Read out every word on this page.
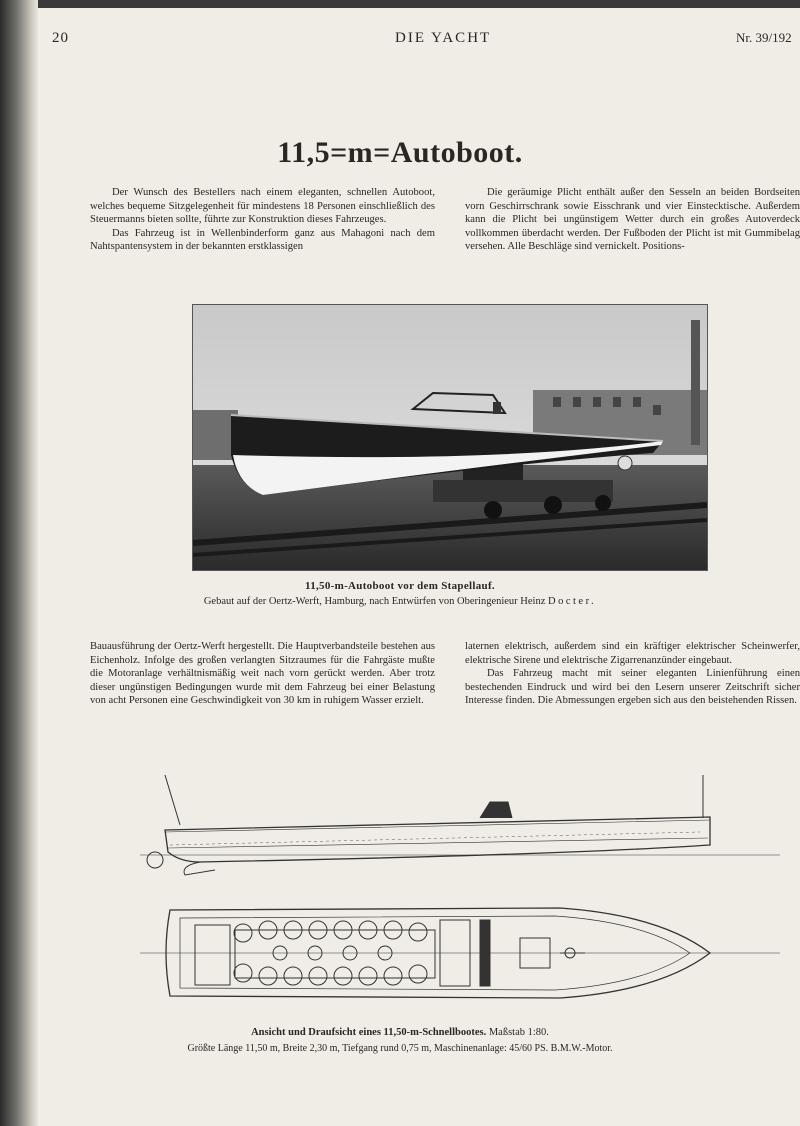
20	DIE YACHT	Nr. 39/192
11,5=m=Autoboot.

Der Wunsch des Bestellers nach einem eleganten, schnellen Autoboot, welches bequeme Sitzgelegenheit für mindestens 18 Personen einschließlich des Steuermanns bieten sollte, führte zur Konstruktion dieses Fahrzeuges.

Das Fahrzeug ist in Wellenbinderform ganz aus Mahagoni nach dem Nahtspantensystem in der bekannten erstklassigen

Die geräumige Plicht enthält außer den Sesseln an beiden Bordseiten vorn Geschirrschrank sowie Eisschrank und vier Einstecktische. Außerdem kann die Plicht bei ungünstigem Wetter durch ein großes Autoverdeck vollkommen überdacht werden. Der Fußboden der Plicht ist mit Gummibelag versehen. Alle Beschläge sind vernickelt. Positions-

11,50-m-Autoboot vor dem Stapellauf.
Gebaut auf der Oertz-Werft, Hamburg, nach Entwürfen von Oberingenieur Heinz Docter.

Bauausführung der Oertz-Werft hergestellt. Die Hauptverbandsteile bestehen aus Eichenholz. Infolge des großen verlangten Sitzraumes für die Fahrgäste mußte die Motoranlage verhältnismäßig weit nach vorn gerückt werden. Aber trotz dieser ungünstigen Bedingungen wurde mit dem Fahrzeug bei einer Belastung von acht Personen eine Geschwindigkeit von 30 km in ruhigem Wasser erzielt.

laternen elektrisch, außerdem sind ein kräftiger elektrischer Scheinwerfer, elektrische Sirene und elektrische Zigarrenanzünder eingebaut.

Das Fahrzeug macht mit seiner eleganten Linienführung einen bestechenden Eindruck und wird bei den Lesern unserer Zeitschrift sicher Interesse finden. Die Abmessungen ergeben sich aus den beistehenden Rissen.

Ansicht und Draufsicht eines 11,50-m-Schnellbootes. Maßstab 1:80.
Größte Länge 11,50 m, Breite 2,30 m, Tiefgang rund 0,75 m, Maschinenanlage: 45/60 PS. B.M.W.-Motor.
